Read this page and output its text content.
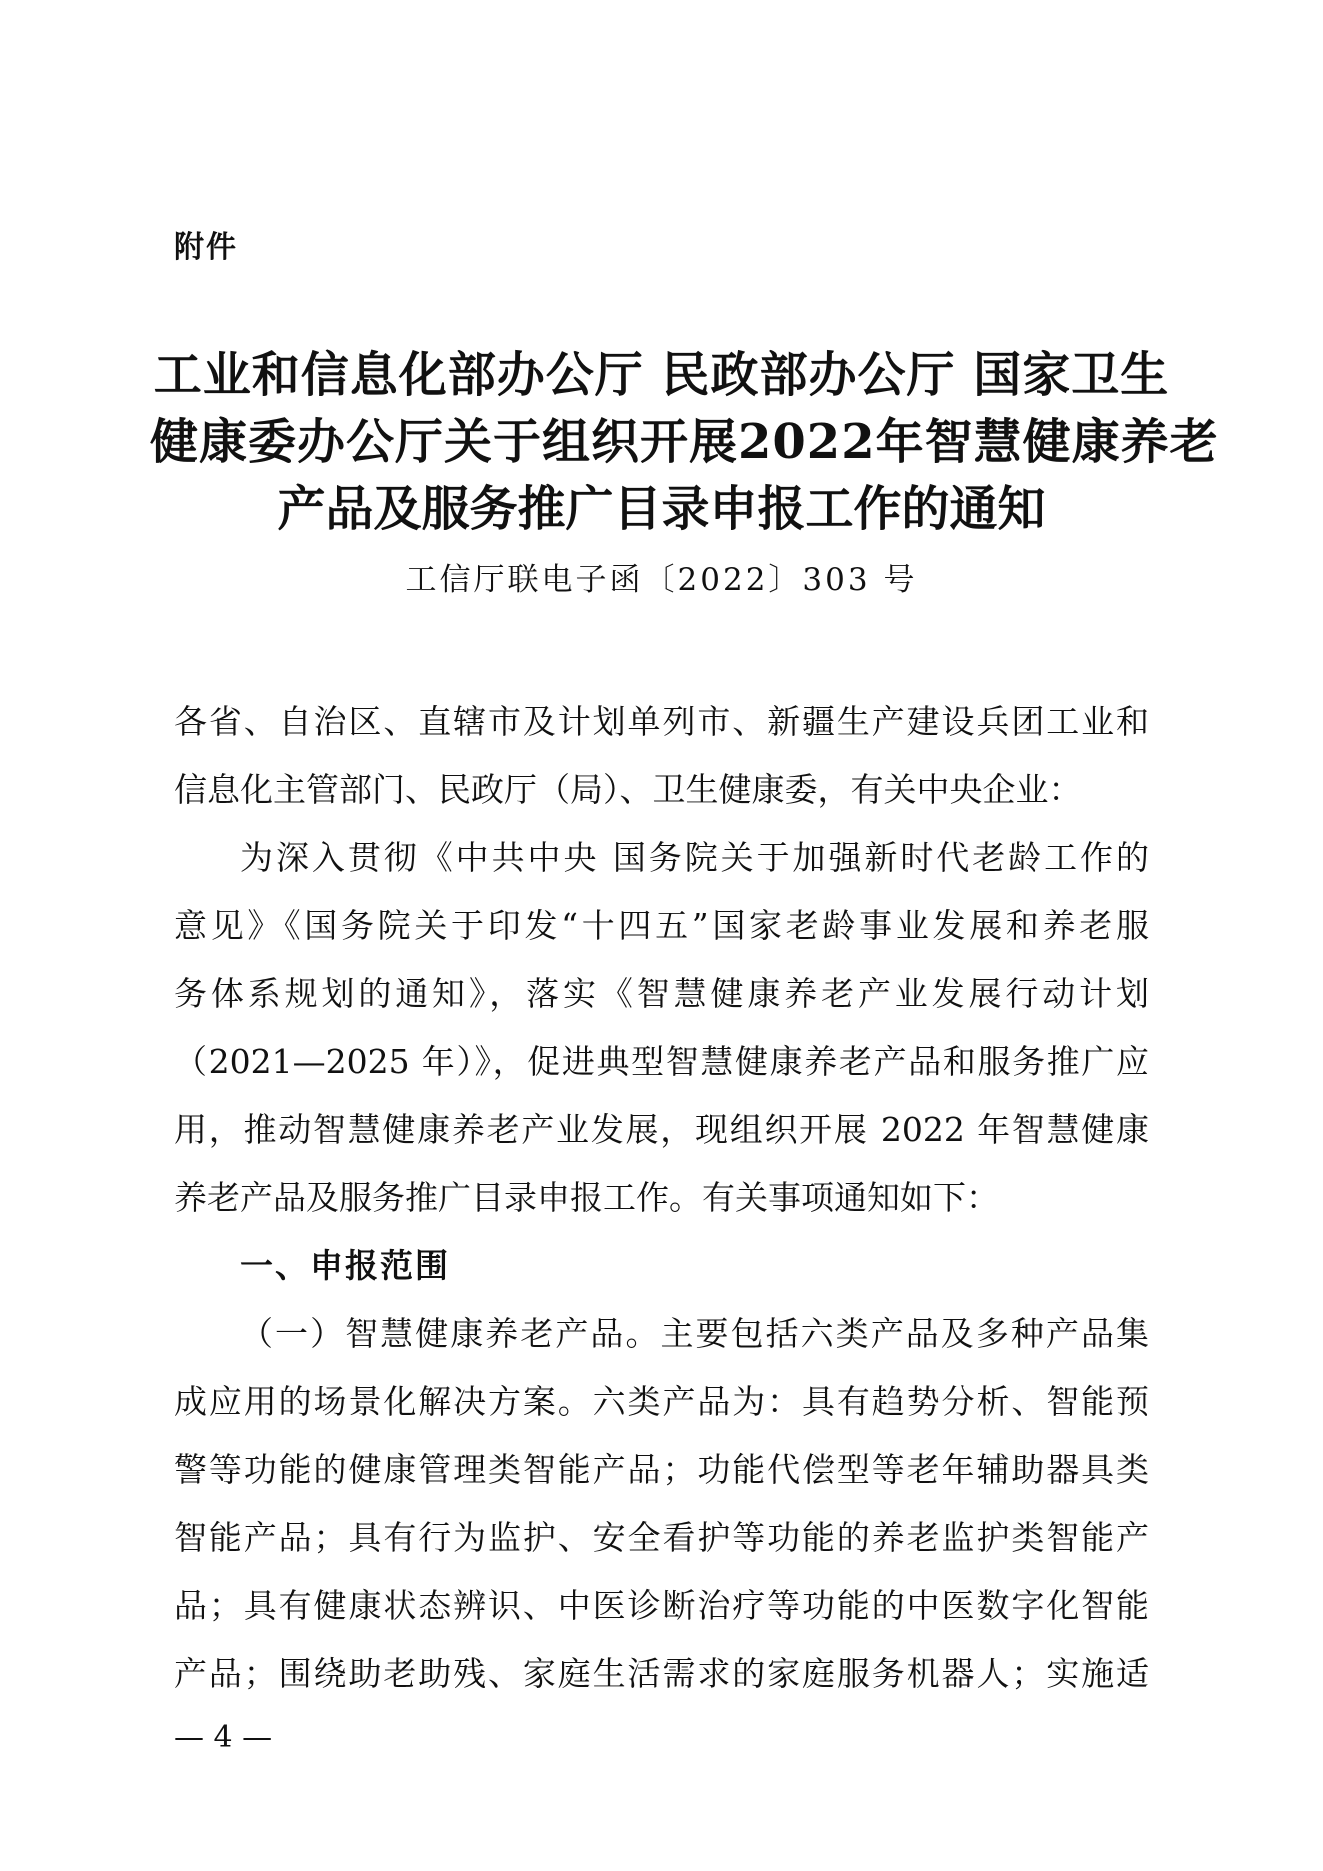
附件
工业和信息化部办公厅 民政部办公厅 国家卫生
健康委办公厅关于组织开展2022年智慧健康养老
产品及服务推广目录申报工作的通知
工信厅联电子函〔2022〕303 号
各省、自治区、直辖市及计划单列市、新疆生产建设兵团工业和
信息化主管部门、民政厅（局）、卫生健康委，有关中央企业：
为深入贯彻《中共中央 国务院关于加强新时代老龄工作的
意见》《国务院关于印发“十四五”国家老龄事业发展和养老服
务体系规划的通知》，落实《智慧健康养老产业发展行动计划
（2021—2025 年）》，促进典型智慧健康养老产品和服务推广应
用，推动智慧健康养老产业发展，现组织开展 2022 年智慧健康
养老产品及服务推广目录申报工作。有关事项通知如下：
一、申报范围
（一）智慧健康养老产品。主要包括六类产品及多种产品集
成应用的场景化解决方案。六类产品为：具有趋势分析、智能预
警等功能的健康管理类智能产品；功能代偿型等老年辅助器具类
智能产品；具有行为监护、安全看护等功能的养老监护类智能产
品；具有健康状态辨识、中医诊断治疗等功能的中医数字化智能
产品；围绕助老助残、家庭生活需求的家庭服务机器人；实施适
— 4 —
